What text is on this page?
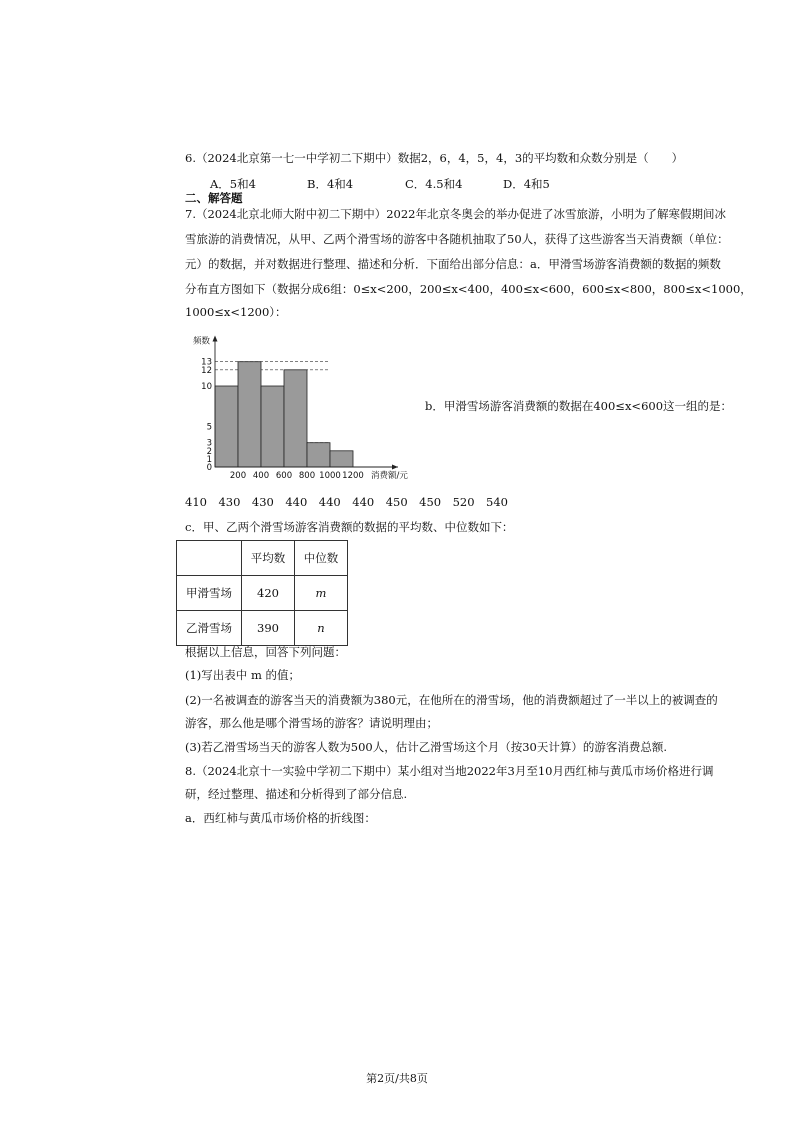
6.（2024北京第一七一中学初二下期中）数据2，6，4，5，4，3的平均数和众数分别是（　　）
A．5和4	B．4和4	C．4.5和4	D．4和5
二、解答题
7.（2024北京北师大附中初二下期中）2022年北京冬奥会的举办促进了冰雪旅游，小明为了解寒假期间冰
雪旅游的消费情况，从甲、乙两个滑雪场的游客中各随机抽取了50人，获得了这些游客当天消费额（单位：
元）的数据，并对数据进行整理、描述和分析．下面给出部分信息：a．甲滑雪场游客消费额的数据的频数
分布直方图如下（数据分成6组：0≤x<200，200≤x<400，400≤x<600，600≤x<800，800≤x<1000，
1000≤x<1200）：
0
1
2
3
5
10
12
13
200 400 600 800 1000 1200
频数
消费额/元
b．甲滑雪场游客消费额的数据在400≤x<600这一组的是：
410　430　430　440　440　440　450　450　520　540
c．甲、乙两个滑雪场游客消费额的数据的平均数、中位数如下：
	平均数	中位数
甲滑雪场	420	m
乙滑雪场	390	n
根据以上信息，回答下列问题：
(1)写出表中 m 的值；
(2)一名被调查的游客当天的消费额为380元，在他所在的滑雪场，他的消费额超过了一半以上的被调查的
游客，那么他是哪个滑雪场的游客？请说明理由；
(3)若乙滑雪场当天的游客人数为500人，估计乙滑雪场这个月（按30天计算）的游客消费总额.
8.（2024北京十一实验中学初二下期中）某小组对当地2022年3月至10月西红柿与黄瓜市场价格进行调
研，经过整理、描述和分析得到了部分信息.
a．西红柿与黄瓜市场价格的折线图：
第2页/共8页
